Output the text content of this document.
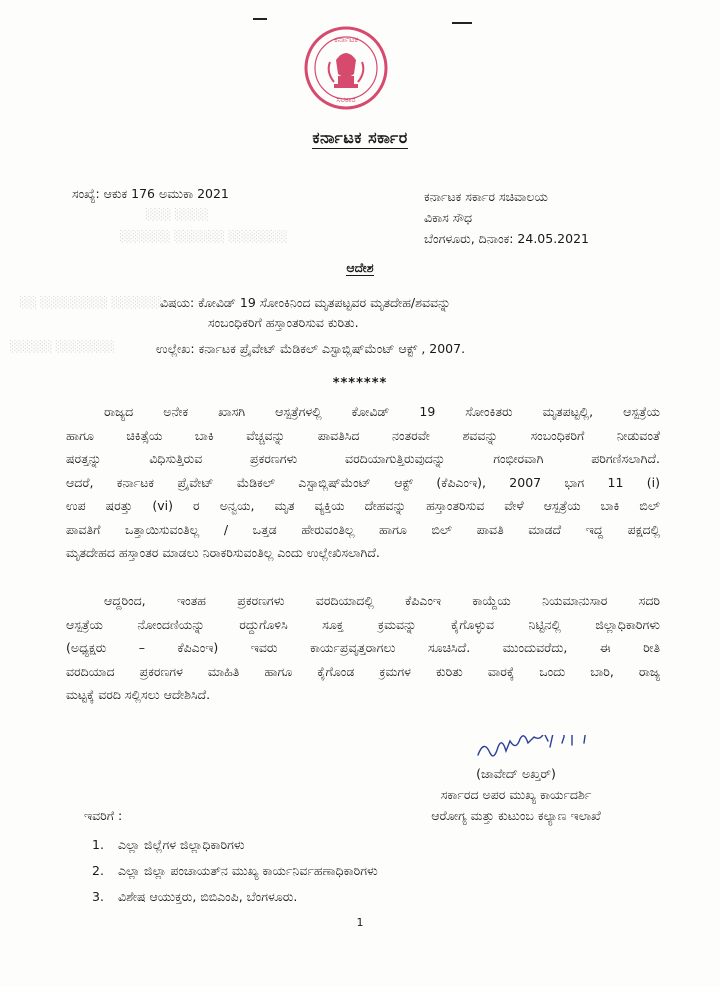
ಕರ್ನಾಟಕ
ಸರಕಾರ
ಕರ್ನಾಟಕ ಸರ್ಕಾರ
ಸಂಖ್ಯೆ: ಆಕುಕ 176 ಅಮುಕಾ 2021	ಕರ್ನಾಟಕ ಸರ್ಕಾರ ಸಚಿವಾಲಯ
ವಿಕಾಸ ಸೌಧ
ಬೆಂಗಳೂರು, ದಿನಾಂಕ: 24.05.2021
░░░ ░░░░
░░░░░░ ░░░░░░ ░░░░░░░
░░ ░░░░░░░░ ░░░░░░
░░░░░ ░░░░░░░
ಆದೇಶ
ವಿಷಯ: ಕೋವಿಡ್ 19 ಸೋಂಕಿನಿಂದ ಮೃತಪಟ್ಟವರ ಮೃತದೇಹ/ಶವವನ್ನು
ಸಂಬಂಧಿಕರಿಗೆ ಹಸ್ತಾಂತರಿಸುವ ಕುರಿತು.
ಉಲ್ಲೇಖ: ಕರ್ನಾಟಕ ಪ್ರೈವೇಟ್ ಮೆಡಿಕಲ್ ಎಸ್ಟಾಬ್ಲಿಷ್‌ಮೆಂಟ್ ಆಕ್ಟ್ , 2007.
*******
ರಾಜ್ಯದ ಅನೇಕ ಖಾಸಗಿ ಆಸ್ಪತ್ರೆಗಳಲ್ಲಿ ಕೋವಿಡ್ 19 ಸೋಂಕಿತರು ಮೃತಪಟ್ಟಲ್ಲಿ, ಆಸ್ಪತ್ರೆಯ
ಹಾಗೂ ಚಿಕಿತ್ಸೆಯ ಬಾಕಿ ವೆಚ್ಚವನ್ನು ಪಾವತಿಸಿದ ನಂತರವೇ ಶವವನ್ನು ಸಂಬಂಧಿಕರಿಗೆ ನೀಡುವಂತೆ
ಷರತ್ತನ್ನು ವಿಧಿಸುತ್ತಿರುವ ಪ್ರಕರಣಗಳು ವರದಿಯಾಗುತ್ತಿರುವುದನ್ನು ಗಂಭೀರವಾಗಿ ಪರಿಗಣಿಸಲಾಗಿದೆ.
ಆದರೆ, ಕರ್ನಾಟಕ ಪ್ರೈವೇಟ್ ಮೆಡಿಕಲ್ ಎಸ್ಟಾಬ್ಲಿಷ್‌ಮೆಂಟ್ ಆಕ್ಟ್ (ಕೆಪಿಎಂಇ), 2007 ಭಾಗ 11 (i)
ಉಪ ಷರತ್ತು (vi) ರ ಅನ್ವಯ, ಮೃತ ವ್ಯಕ್ತಿಯ ದೇಹವನ್ನು ಹಸ್ತಾಂತರಿಸುವ ವೇಳೆ ಆಸ್ಪತ್ರೆಯ ಬಾಕಿ ಬಿಲ್
ಪಾವತಿಗೆ ಒತ್ತಾಯಿಸುವಂತಿಲ್ಲ / ಒತ್ತಡ ಹೇರುವಂತಿಲ್ಲ ಹಾಗೂ ಬಿಲ್ ಪಾವತಿ ಮಾಡದೆ ಇದ್ದ ಪಕ್ಷದಲ್ಲಿ
ಮೃತದೇಹದ ಹಸ್ತಾಂತರ ಮಾಡಲು ನಿರಾಕರಿಸುವಂತಿಲ್ಲ ಎಂದು ಉಲ್ಲೇಖಿಸಲಾಗಿದೆ.
ಆದ್ದರಿಂದ, ಇಂತಹ ಪ್ರಕರಣಗಳು ವರದಿಯಾದಲ್ಲಿ ಕೆಪಿಎಂಇ ಕಾಯ್ದೆಯ ನಿಯಮಾನುಸಾರ ಸದರಿ
ಆಸ್ಪತ್ರೆಯ ನೋಂದಣಿಯನ್ನು ರದ್ದುಗೊಳಿಸಿ ಸೂಕ್ತ ಕ್ರಮವನ್ನು ಕೈಗೊಳ್ಳುವ ನಿಟ್ಟಿನಲ್ಲಿ ಜಿಲ್ಲಾಧಿಕಾರಿಗಳು
(ಅಧ್ಯಕ್ಷರು – ಕೆಪಿಎಂಇ) ಇವರು ಕಾರ್ಯಪ್ರವೃತ್ತರಾಗಲು ಸೂಚಿಸಿದೆ. ಮುಂದುವರೆದು, ಈ ರೀತಿ
ವರದಿಯಾದ ಪ್ರಕರಣಗಳ ಮಾಹಿತಿ ಹಾಗೂ ಕೈಗೊಂಡ ಕ್ರಮಗಳ ಕುರಿತು ವಾರಕ್ಕೆ ಒಂದು ಬಾರಿ, ರಾಜ್ಯ
ಮಟ್ಟಕ್ಕೆ ವರದಿ ಸಲ್ಲಿಸಲು ಆದೇಶಿಸಿದೆ.
(ಜಾವೇದ್ ಅಖ್ತರ್)
ಸರ್ಕಾರದ ಅಪರ ಮುಖ್ಯ ಕಾರ್ಯದರ್ಶಿ
ಆರೋಗ್ಯ ಮತ್ತು ಕುಟುಂಬ ಕಲ್ಯಾಣ ಇಲಾಖೆ
ಇವರಿಗೆ :
1.	ಎಲ್ಲಾ ಜಿಲ್ಲೆಗಳ ಜಿಲ್ಲಾಧಿಕಾರಿಗಳು
2.	ಎಲ್ಲಾ ಜಿಲ್ಲಾ ಪಂಚಾಯತ್‌ನ ಮುಖ್ಯ ಕಾರ್ಯನಿರ್ವಹಣಾಧಿಕಾರಿಗಳು
3.	ವಿಶೇಷ ಆಯುಕ್ತರು, ಬಿಬಿಎಂಪಿ, ಬೆಂಗಳೂರು.
1
